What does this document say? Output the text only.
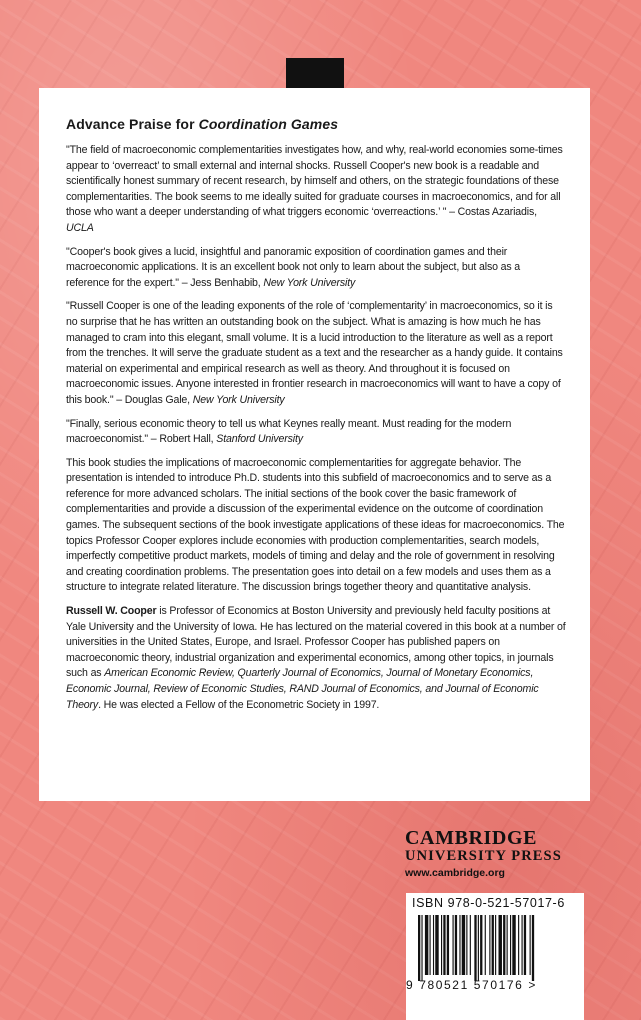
Advance Praise for Coordination Games

"The field of macroeconomic complementarities investigates how, and why, real-world economies some-times appear to ‘overreact’ to small external and internal shocks. Russell Cooper's new book is a readable and scientifically honest summary of recent research, by himself and others, on the strategic foundations of these complementarities. The book seems to me ideally suited for graduate courses in macroeconomics, and for all those who want a deeper understanding of what triggers economic ‘overreactions.’ " – Costas Azariadis, UCLA

"Cooper's book gives a lucid, insightful and panoramic exposition of coordination games and their macroeconomic applications. It is an excellent book not only to learn about the subject, but also as a reference for the expert." – Jess Benhabib, New York University

"Russell Cooper is one of the leading exponents of the role of ‘complementarity’ in macroeconomics, so it is no surprise that he has written an outstanding book on the subject. What is amazing is how much he has managed to cram into this elegant, small volume. It is a lucid introduction to the literature as well as a report from the trenches. It will serve the graduate student as a text and the researcher as a handy guide. It contains material on experimental and empirical research as well as theory. And throughout it is focused on macroeconomic issues. Anyone interested in frontier research in macroeconomics will want to have a copy of this book." – Douglas Gale, New York University

"Finally, serious economic theory to tell us what Keynes really meant. Must reading for the modern macroeconomist." – Robert Hall, Stanford University

This book studies the implications of macroeconomic complementarities for aggregate behavior. The presentation is intended to introduce Ph.D. students into this subfield of macroeconomics and to serve as a reference for more advanced scholars. The initial sections of the book cover the basic framework of complementarities and provide a discussion of the experimental evidence on the outcome of coordination games. The subsequent sections of the book investigate applications of these ideas for macroeconomics. The topics Professor Cooper explores include economies with production complementarities, search models, imperfectly competitive product markets, models of timing and delay and the role of government in resolving and creating coordination problems. The presentation goes into detail on a few models and uses them as a structure to integrate related literature. The discussion brings together theory and quantitative analysis.

Russell W. Cooper is Professor of Economics at Boston University and previously held faculty positions at Yale University and the University of Iowa. He has lectured on the material covered in this book at a number of universities in the United States, Europe, and Israel. Professor Cooper has published papers on macroeconomic theory, industrial organization and experimental economics, among other topics, in journals such as American Economic Review, Quarterly Journal of Economics, Journal of Monetary Economics, Economic Journal, Review of Economic Studies, RAND Journal of Economics, and Journal of Economic Theory. He was elected a Fellow of the Econometric Society in 1997.

CAMBRIDGE
UNIVERSITY PRESS
www.cambridge.org
ISBN 978-0-521-57017-6
9 780521 570176 >
